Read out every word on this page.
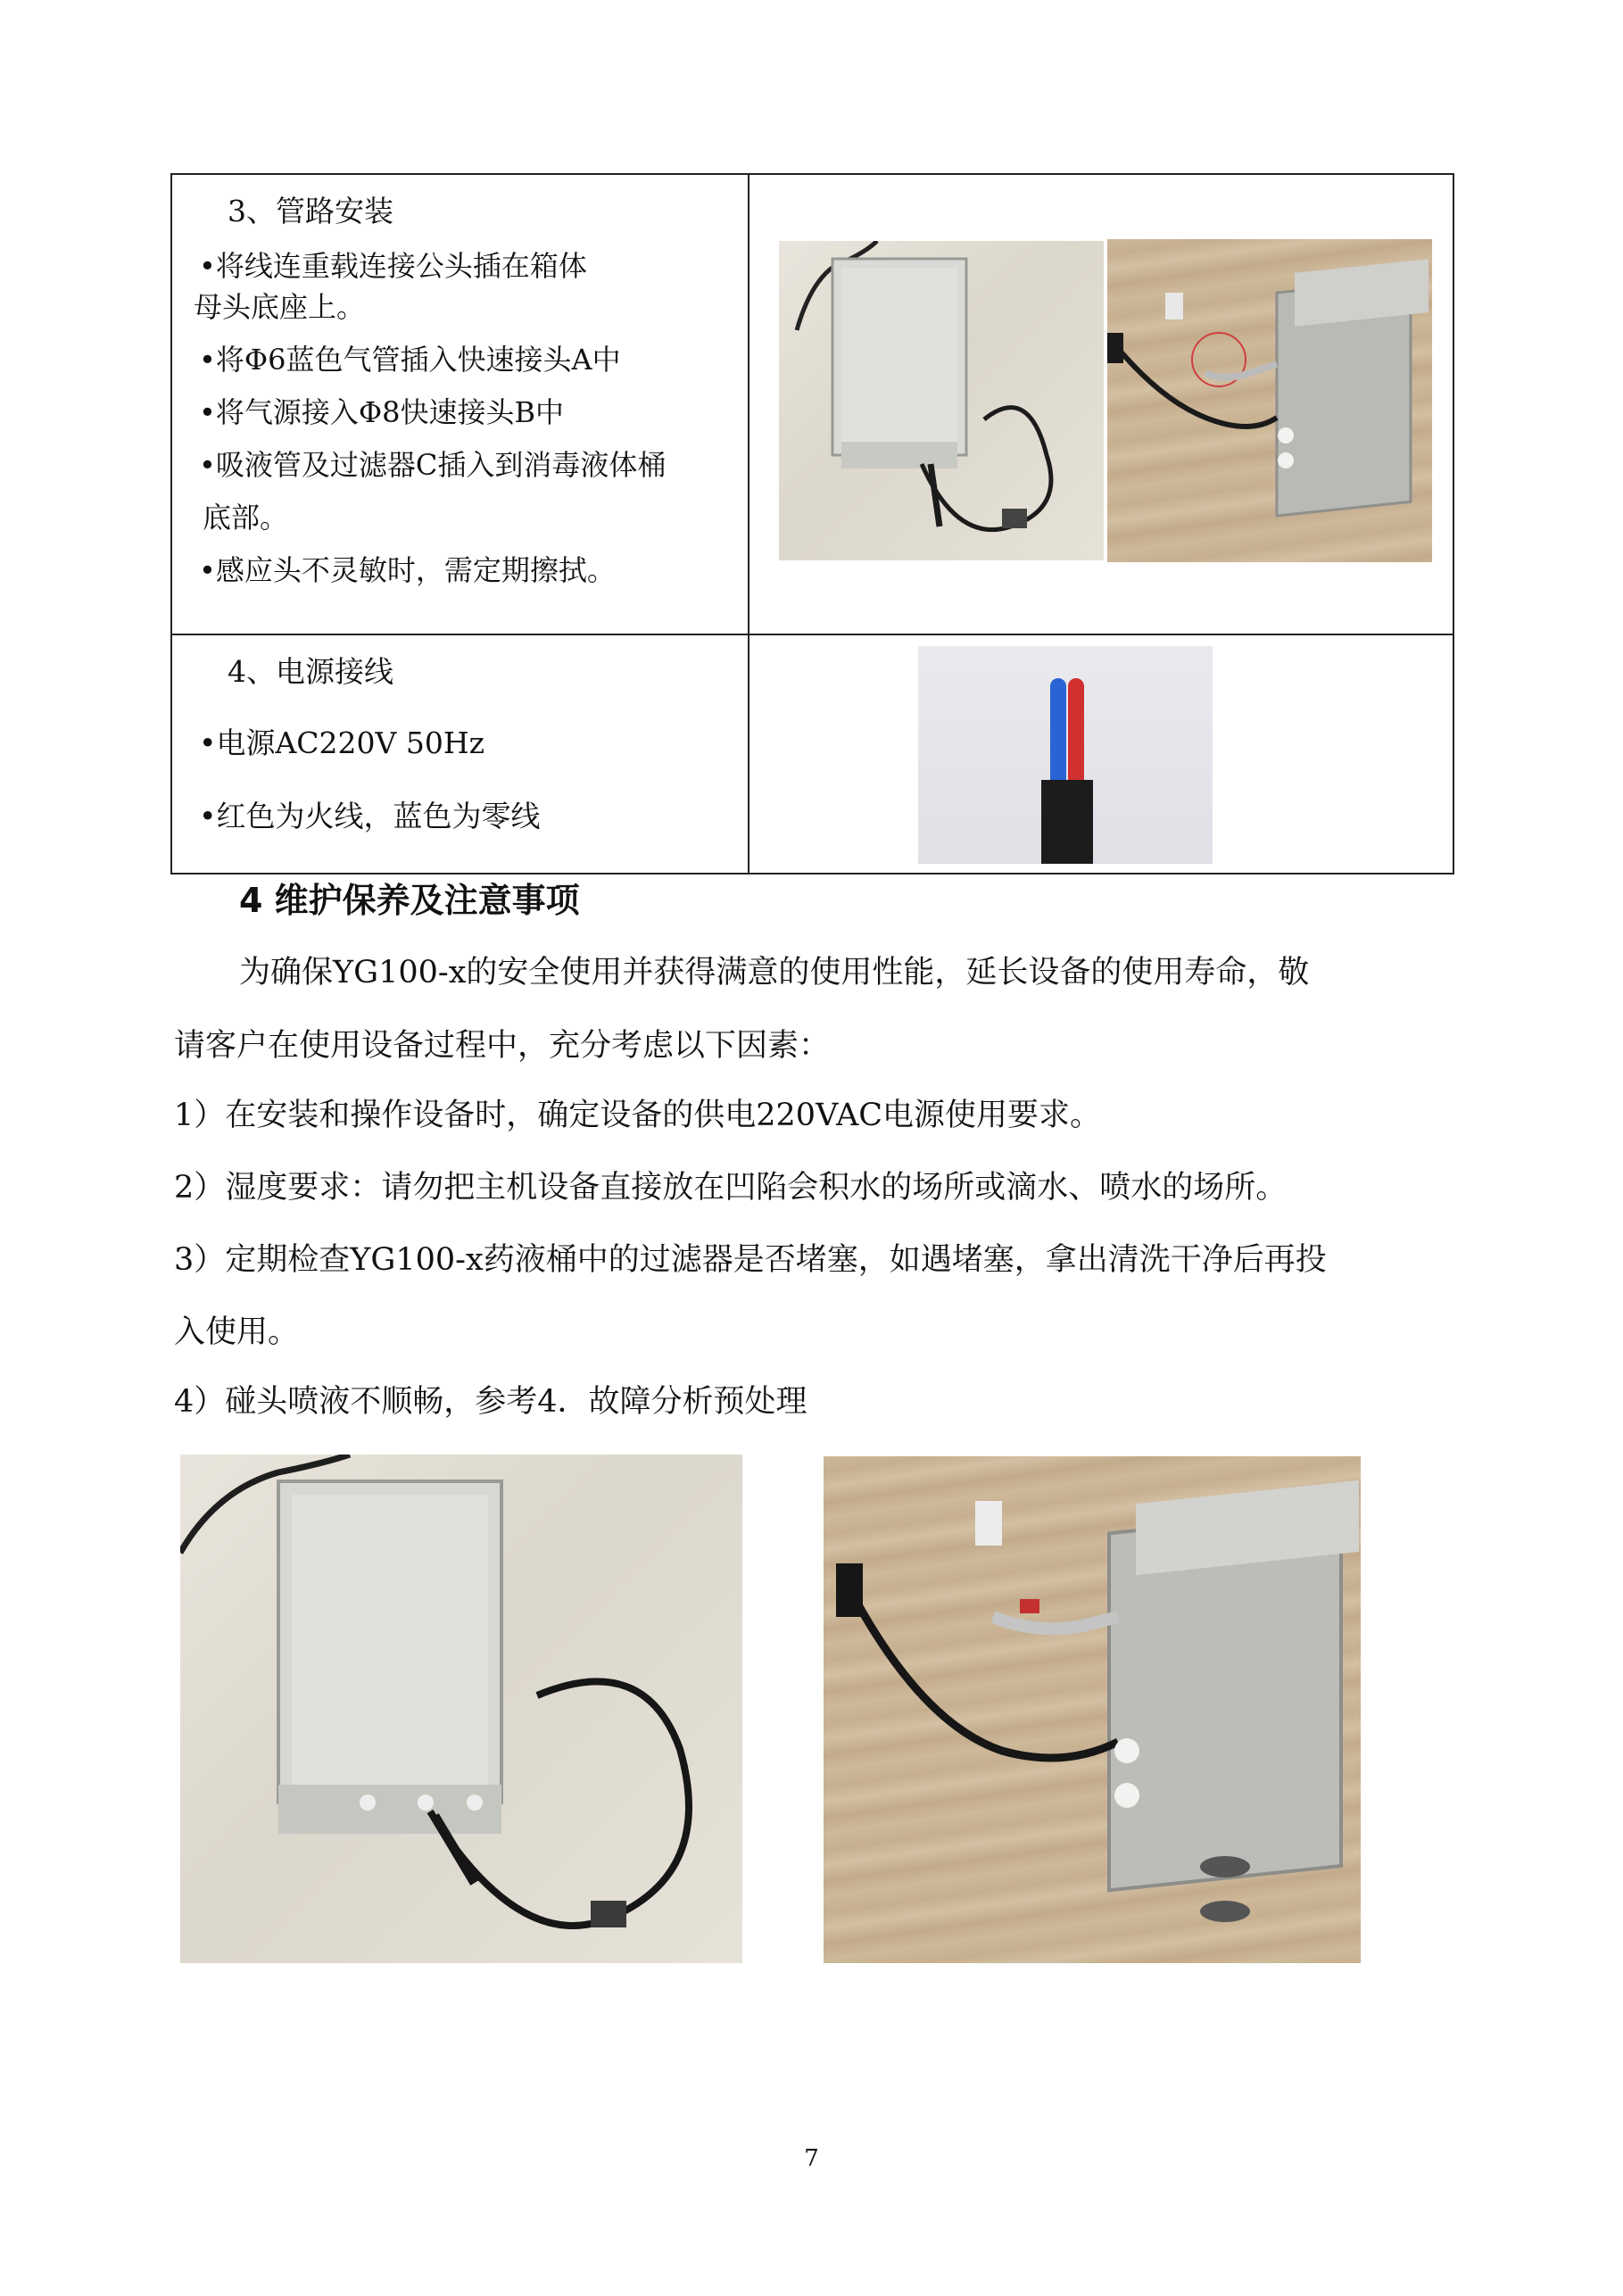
3、管路安装
•将线连重载连接公头插在箱体
母头底座上。
•将Φ6蓝色气管插入快速接头A中
•将气源接入Φ8快速接头B中
•吸液管及过滤器C插入到消毒液体桶
底部。
•感应头不灵敏时，需定期擦拭。
4、电源接线
•电源AC220V 50Hz
•红色为火线，蓝色为零线
4 维护保养及注意事项
为确保YG100-x的安全使用并获得满意的使用性能，延长设备的使用寿命，敬
请客户在使用设备过程中，充分考虑以下因素：
1）在安装和操作设备时，确定设备的供电220VAC电源使用要求。
2）湿度要求：请勿把主机设备直接放在凹陷会积水的场所或滴水、喷水的场所。
3）定期检查YG100-x药液桶中的过滤器是否堵塞，如遇堵塞，拿出清洗干净后再投
入使用。
4）碰头喷液不顺畅，参考4．故障分析预处理
7
